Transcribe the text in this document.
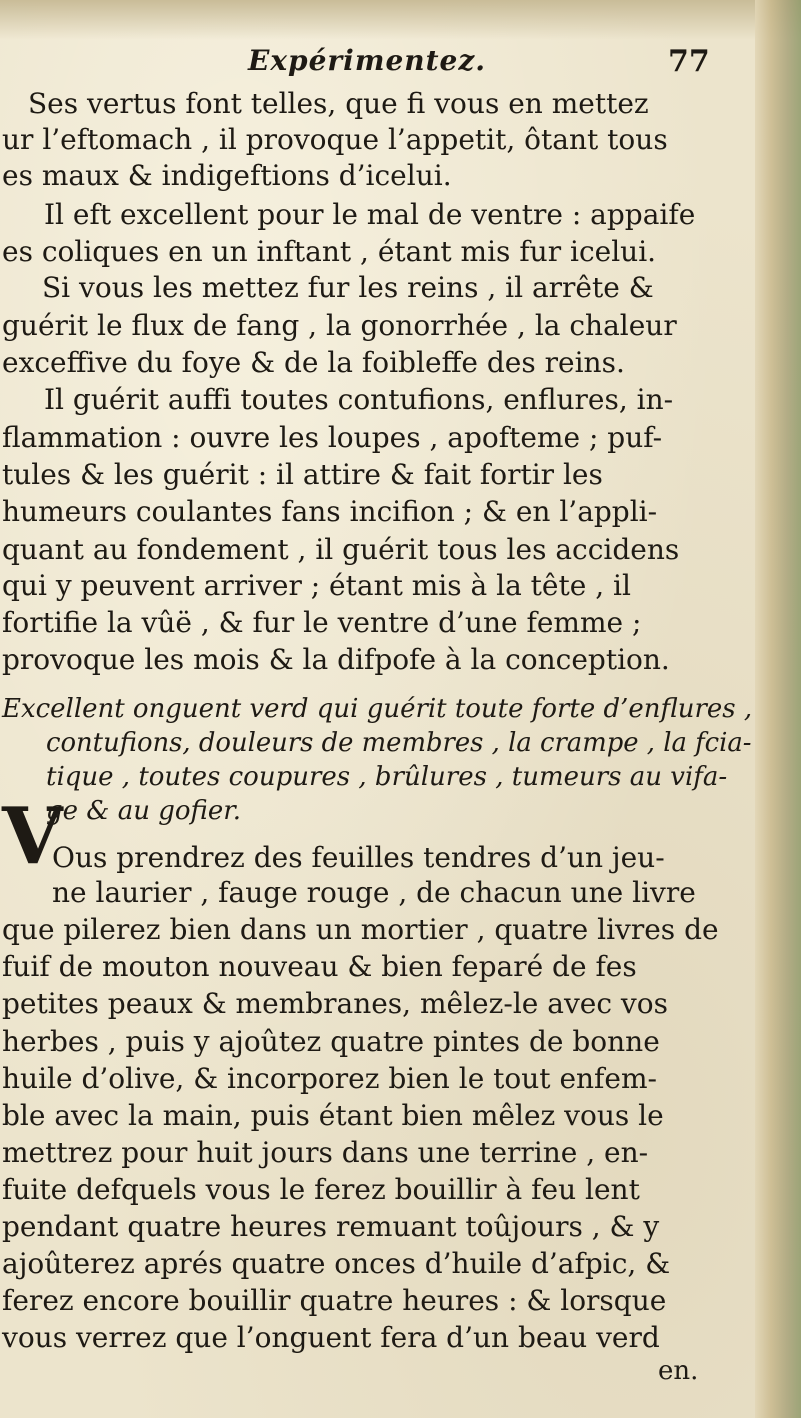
Expérimentez.	77
Ses vertus font telles, que fi vous en mettez
ur l’eftomach , il provoque l’appetit, ôtant tous
es maux & indigeftions d’icelui.
Il eft excellent pour le mal de ventre : appaife
es coliques en un inftant , étant mis fur icelui.
Si vous les mettez fur les reins , il arrête &
guérit le flux de fang , la gonorrhée , la chaleur
exceffive du foye & de la foibleffe des reins.
Il guérit auffi toutes contufions, enflures, in-
flammation : ouvre les loupes , apofteme ; puf-
tules & les guérit : il attire & fait fortir les
humeurs coulantes fans incifion ; & en l’appli-
quant au fondement , il guérit tous les accidens
qui y peuvent arriver ; étant mis à la tête , il
fortifie la vûë , & fur le ventre d’une femme ;
provoque les mois & la difpofe à la conception.
Excellent onguent verd qui guérit toute forte d’enflures ,
contufions, douleurs de membres , la crampe , la fcia-
tique , toutes coupures , brûlures , tumeurs au vifa-
ge & au gofier.
V
Ous prendrez des feuilles tendres d’un jeu-
ne laurier , fauge rouge , de chacun une livre
que pilerez bien dans un mortier , quatre livres de
fuif de mouton nouveau & bien feparé de fes
petites peaux & membranes, mêlez-le avec vos
herbes , puis y ajoûtez quatre pintes de bonne
huile d’olive, & incorporez bien le tout enfem-
ble avec la main, puis étant bien mêlez vous le
mettrez pour huit jours dans une terrine , en-
fuite defquels vous le ferez bouillir à feu lent
pendant quatre heures remuant toûjours , & y
ajoûterez aprés quatre onces d’huile d’afpic, &
ferez encore bouillir quatre heures : & lorsque
vous verrez que l’onguent fera d’un beau verd
en.
